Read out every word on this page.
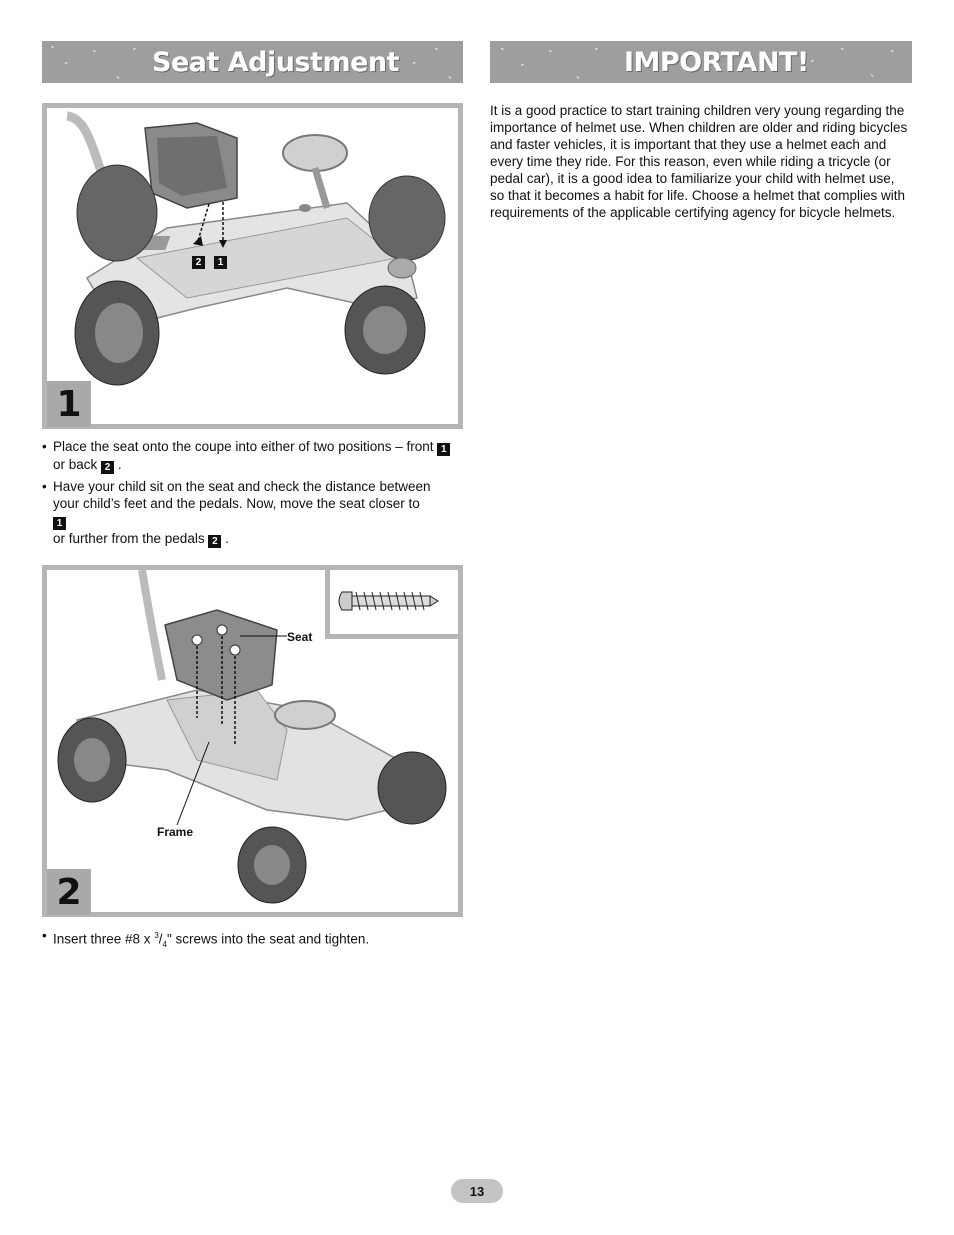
ˋ
ˊ
ˋ
ˎ
ˊ
ˊ
ˋ
ˎ
Seat Adjustment	ˋ
ˊ
ˋ
ˎ
ˊ
ˊ
ˋ
ˎ
ˊ
IMPORTANT!
2	1
1
• Place the seat onto the coupe into either of two positions – front 1
or back 2 .
• Have your child sit on the seat and check the distance between your child’s feet and the pedals. Now, move the seat closer to 1
or further from the pedals 2 .
Seat
Frame
2
• Insert three #8 x $^3/_4$" screws into the seat and tighten.
It is a good practice to start training children very young regarding the importance of helmet use. When children are older and riding bicycles and faster vehicles, it is important that they use a helmet each and every time they ride. For this reason, even while riding a tricycle (or pedal car), it is a good idea to familiarize your child with helmet use, so that it becomes a habit for life. Choose a helmet that complies with requirements of the applicable certifying agency for bicycle helmets.
13
